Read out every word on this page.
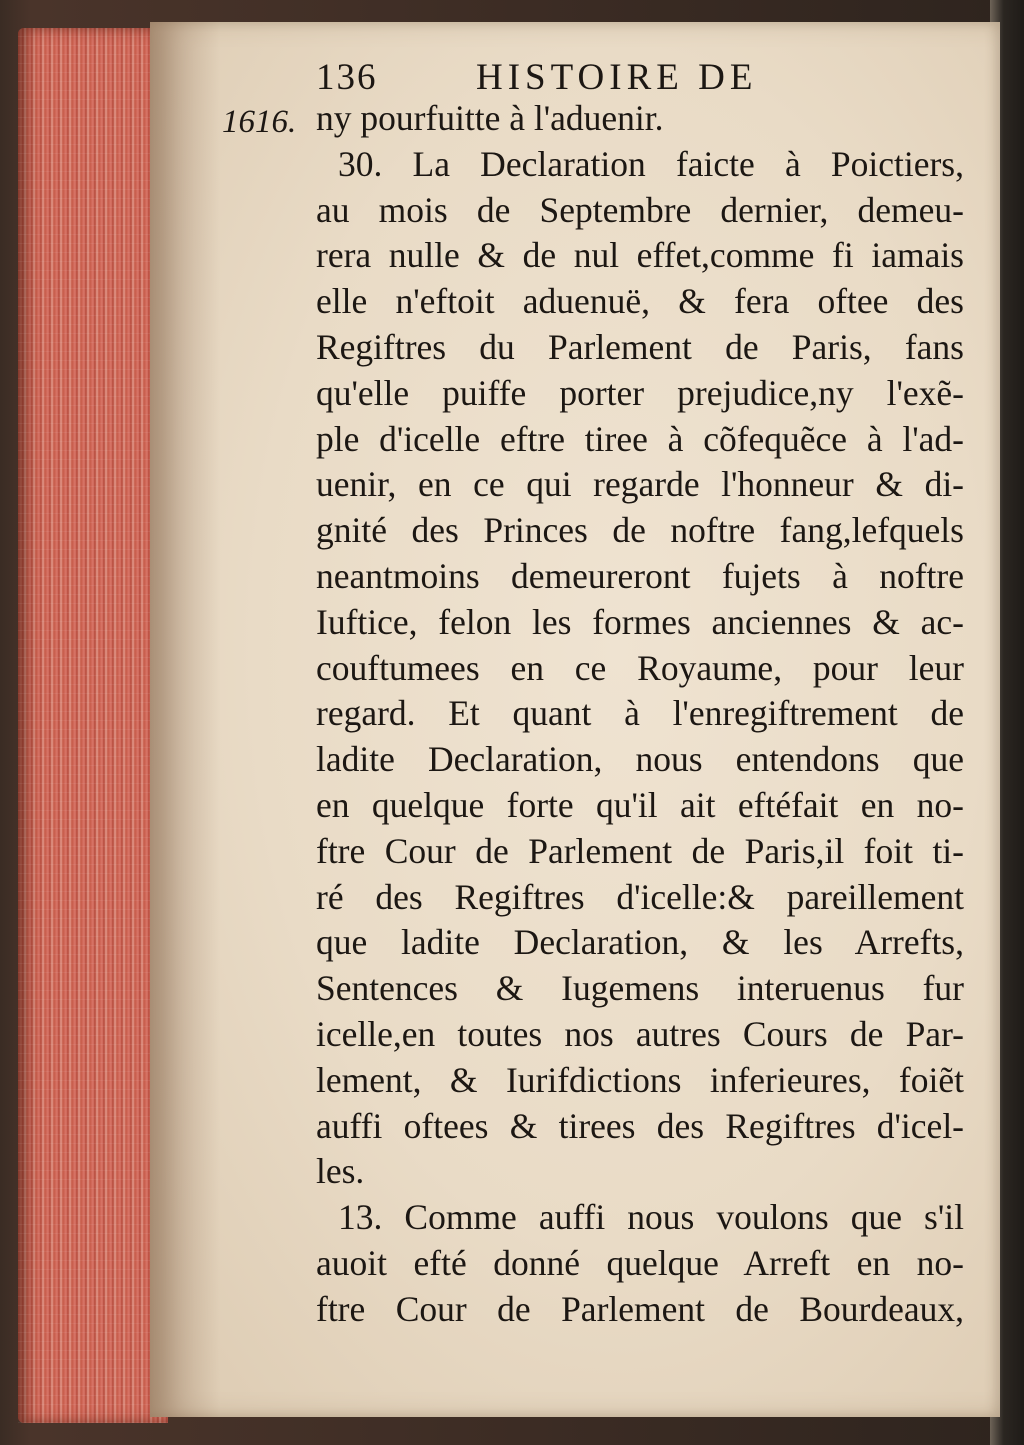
136	HISTOIRE DE
1616. ny pourfuitte à l'aduenir.
30. La Declaration faicte à Poictiers,
au mois de Septembre dernier, demeu-
rera nulle & de nul effet,comme fi iamais
elle n'eftoit aduenuë, & fera oftee des
Regiftres du Parlement de Paris, fans
qu'elle puiffe porter prejudice,ny l'exẽ-
ple d'icelle eftre tiree à cõfequẽce à l'ad-
uenir, en ce qui regarde l'honneur & di-
gnité des Princes de noftre fang,lefquels
neantmoins demeureront fujets à noftre
Iuftice, felon les formes anciennes & ac-
couftumees en ce Royaume, pour leur
regard. Et quant à l'enregiftrement de
ladite Declaration, nous entendons que
en quelque forte qu'il ait eftéfait en no-
ftre Cour de Parlement de Paris,il foit ti-
ré des Regiftres d'icelle:& pareillement
que ladite Declaration, & les Arrefts,
Sentences & Iugemens interuenus fur
icelle,en toutes nos autres Cours de Par-
lement, & Iurifdictions inferieures, foiẽt
auffi oftees & tirees des Regiftres d'icel-
les.
13. Comme auffi nous voulons que s'il
auoit efté donné quelque Arreft en no-
ftre Cour de Parlement de Bourdeaux,
